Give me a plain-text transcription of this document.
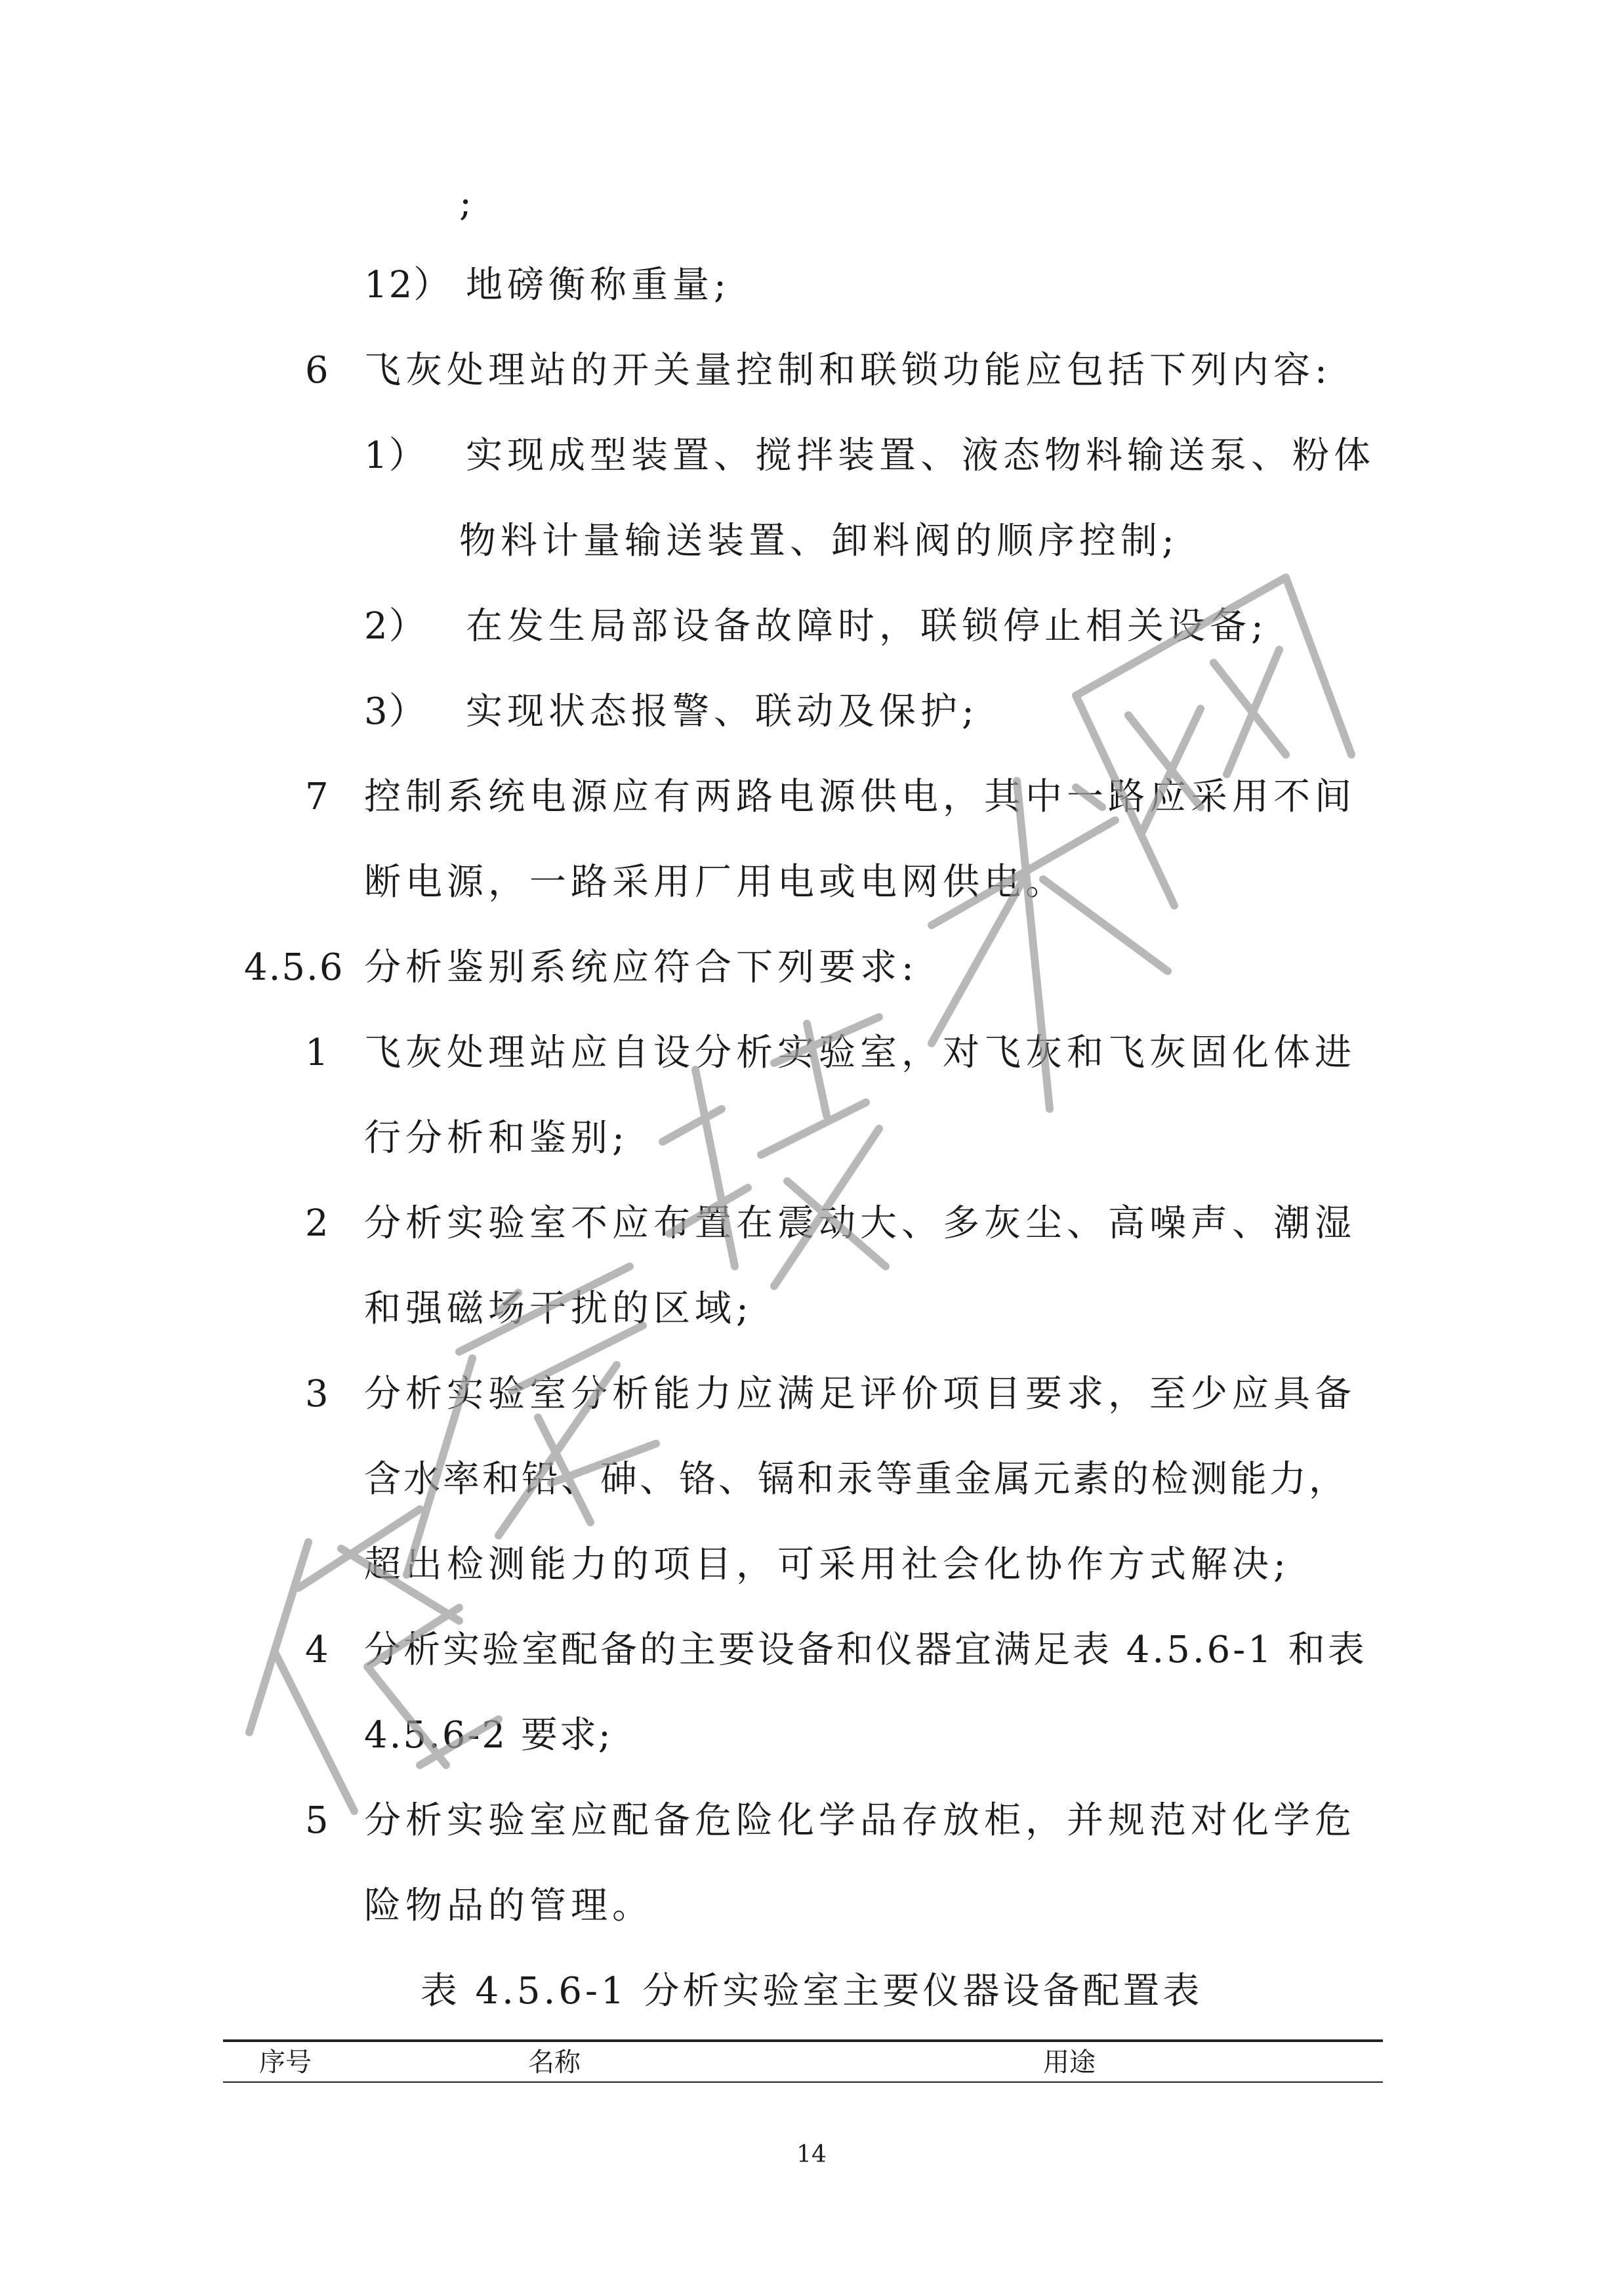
;
12） 地磅衡称重量;
6 飞灰处理站的开关量控制和联锁功能应包括下列内容:
1） 实现成型装置、搅拌装置、液态物料输送泵、粉体
物料计量输送装置、卸料阀的顺序控制;
2） 在发生局部设备故障时，联锁停止相关设备;
3） 实现状态报警、联动及保护;
7 控制系统电源应有两路电源供电，其中一路应采用不间
断电源，一路采用厂用电或电网供电。
4.5.6 分析鉴别系统应符合下列要求:
1 飞灰处理站应自设分析实验室，对飞灰和飞灰固化体进
行分析和鉴别;
2 分析实验室不应布置在震动大、多灰尘、高噪声、潮湿
和强磁场干扰的区域;
3 分析实验室分析能力应满足评价项目要求，至少应具备
含水率和铅、砷、铬、镉和汞等重金属元素的检测能力，
超出检测能力的项目，可采用社会化协作方式解决;
4 分析实验室配备的主要设备和仪器宜满足表 4.5.6-1 和表
4.5.6-2 要求;
5 分析实验室应配备危险化学品存放柜，并规范对化学危
险物品的管理。
表 4.5.6-1 分析实验室主要仪器设备配置表
序号	名称	用途
14
